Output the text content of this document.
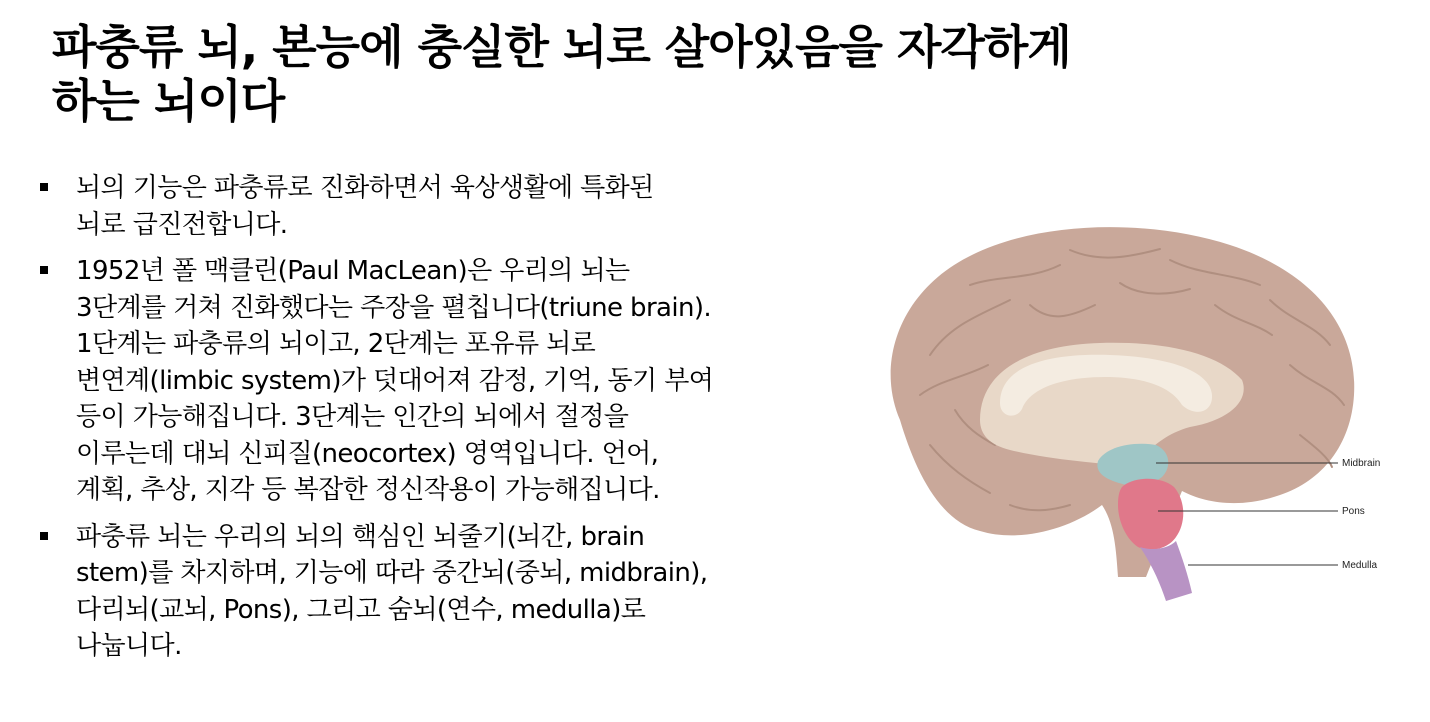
파충류 뇌, 본능에 충실한 뇌로 살아있음을 자각하게
하는 뇌이다
뇌의 기능은 파충류로 진화하면서 육상생활에 특화된
뇌로 급진전합니다.
1952년 폴 맥클린(Paul MacLean)은 우리의 뇌는
3단계를 거쳐 진화했다는 주장을 펼칩니다(triune brain).
1단계는 파충류의 뇌이고, 2단계는 포유류 뇌로
변연계(limbic system)가 덧대어져 감정, 기억, 동기 부여
등이 가능해집니다. 3단계는 인간의 뇌에서 절정을
이루는데 대뇌 신피질(neocortex) 영역입니다. 언어,
계획, 추상, 지각 등 복잡한 정신작용이 가능해집니다.
파충류 뇌는 우리의 뇌의 핵심인 뇌줄기(뇌간, brain
stem)를 차지하며, 기능에 따라 중간뇌(중뇌, midbrain),
다리뇌(교뇌, Pons), 그리고 숨뇌(연수, medulla)로
나눕니다.
Midbrain
Pons
Medulla
